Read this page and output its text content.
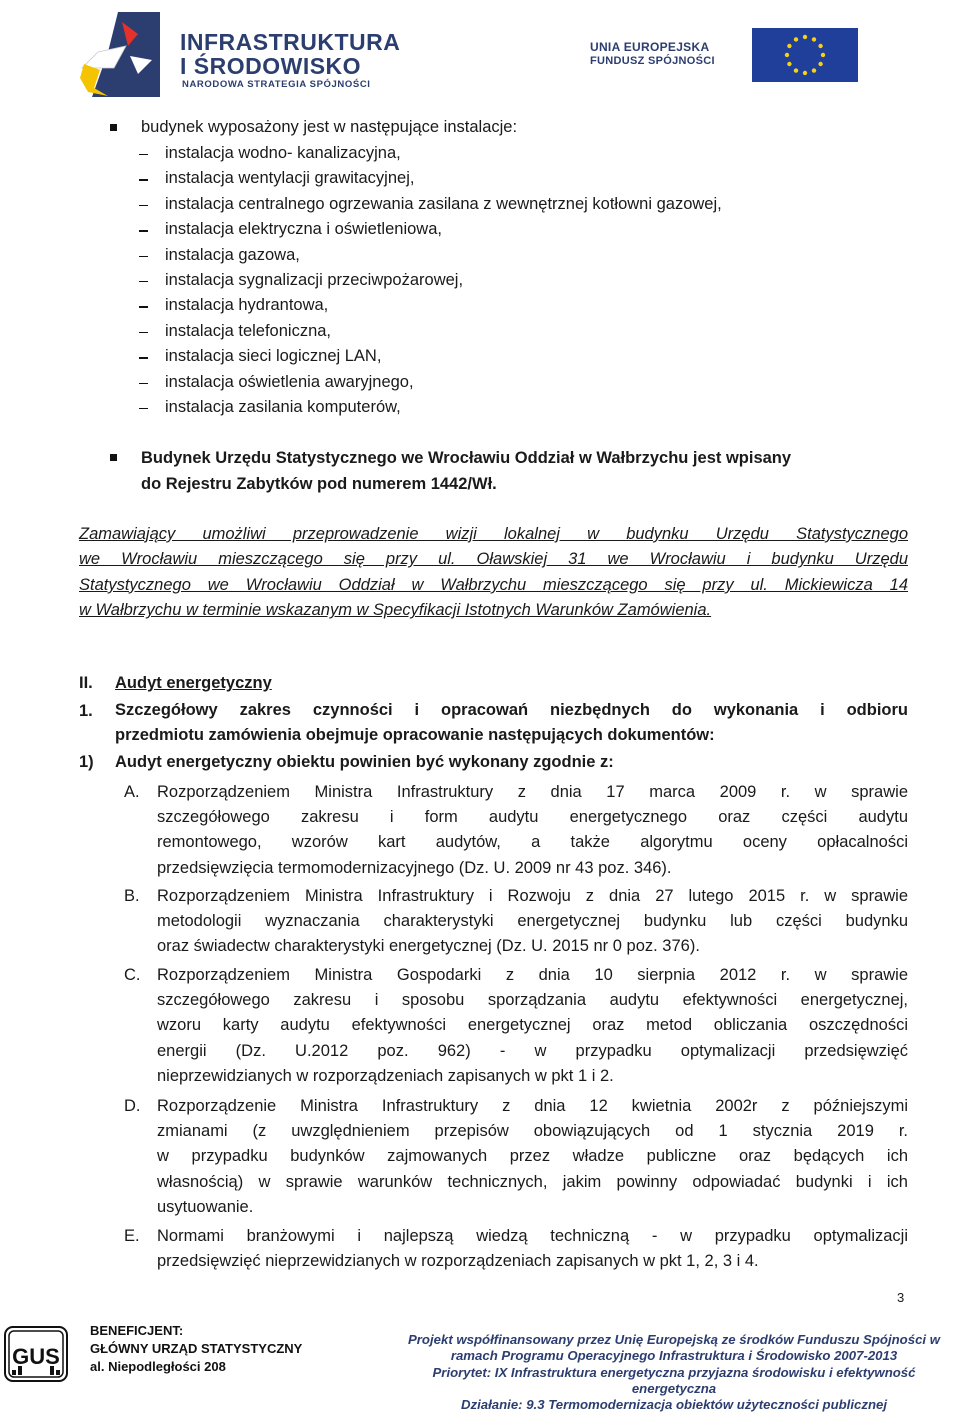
INFRASTRUKTURA
I ŚRODOWISKO
NARODOWA STRATEGIA SPÓJNOŚCI
UNIA EUROPEJSKA
FUNDUSZ SPÓJNOŚCI
budynek wyposażony jest w następujące instalacje:
instalacja wodno- kanalizacyjna,
instalacja wentylacji grawitacyjnej,
instalacja centralnego ogrzewania zasilana z wewnętrznej kotłowni gazowej,
instalacja elektryczna i oświetleniowa,
instalacja gazowa,
instalacja sygnalizacji przeciwpożarowej,
instalacja hydrantowa,
instalacja telefoniczna,
instalacja sieci logicznej LAN,
instalacja oświetlenia awaryjnego,
instalacja zasilania komputerów,
Budynek Urzędu Statystycznego we Wrocławiu Oddział w Wałbrzychu jest wpisany
do Rejestru Zabytków pod numerem 1442/Wł.

Zamawiający umożliwi przeprowadzenie wizji lokalnej w budynku Urzędu Statystycznego

we Wrocławiu mieszczącego się przy ul. Oławskiej 31 we Wrocławiu i budynku Urzędu

Statystycznego we Wrocławiu Oddział w Wałbrzychu mieszczącego się przy ul. Mickiewicza 14

w Wałbrzychu w terminie wskazanym w Specyfikacji Istotnych Warunków Zamówienia.

II. Audyt energetyczny
1. Szczegółowy zakres czynności i opracowań niezbędnych do wykonania i odbioru

przedmiotu zamówienia obejmuje opracowanie następujących dokumentów:

1) Audyt energetyczny obiektu powinien być wykonany zgodnie z:
A. Rozporządzeniem Ministra Infrastruktury z dnia 17 marca 2009 r. w sprawie

szczegółowego zakresu i form audytu energetycznego oraz części audytu

remontowego, wzorów kart audytów, a także algorytmu oceny opłacalności

przedsięwzięcia termomodernizacyjnego (Dz. U. 2009 nr 43 poz. 346).

B. Rozporządzeniem Ministra Infrastruktury i Rozwoju z dnia 27 lutego 2015 r. w sprawie

metodologii wyznaczania charakterystyki energetycznej budynku lub części budynku

oraz świadectw charakterystyki energetycznej (Dz. U. 2015 nr 0 poz. 376).

C. Rozporządzeniem Ministra Gospodarki z dnia 10 sierpnia 2012 r. w sprawie

szczegółowego zakresu i sposobu sporządzania audytu efektywności energetycznej,

wzoru karty audytu efektywności energetycznej oraz metod obliczania oszczędności

energii (Dz. U.2012 poz. 962) - w przypadku optymalizacji przedsięwzięć

nieprzewidzianych w rozporządzeniach zapisanych w pkt 1 i 2.

D. Rozporządzenie Ministra Infrastruktury z dnia 12 kwietnia 2002r z późniejszymi

zmianami (z uwzględnieniem przepisów obowiązujących od 1 stycznia 2019 r.

w przypadku budynków zajmowanych przez władze publiczne oraz będących ich

własnością) w sprawie warunków technicznych, jakim powinny odpowiadać budynki i ich

usytuowanie.

E. Normami branżowymi i najlepszą wiedzą techniczną - w przypadku optymalizacji

przedsięwzięć nieprzewidzianych w rozporządzeniach zapisanych w pkt 1, 2, 3 i 4.

3
GUS
BENEFICJENT:
GŁÓWNY URZĄD STATYSTYCZNY
al. Niepodległości 208
Projekt współfinansowany przez Unię Europejską ze środków Funduszu Spójności w
ramach Programu Operacyjnego Infrastruktura i Środowisko 2007-2013
Priorytet: IX Infrastruktura energetyczna przyjazna środowisku i efektywność
energetyczna
Działanie: 9.3 Termomodernizacja obiektów użyteczności publicznej
